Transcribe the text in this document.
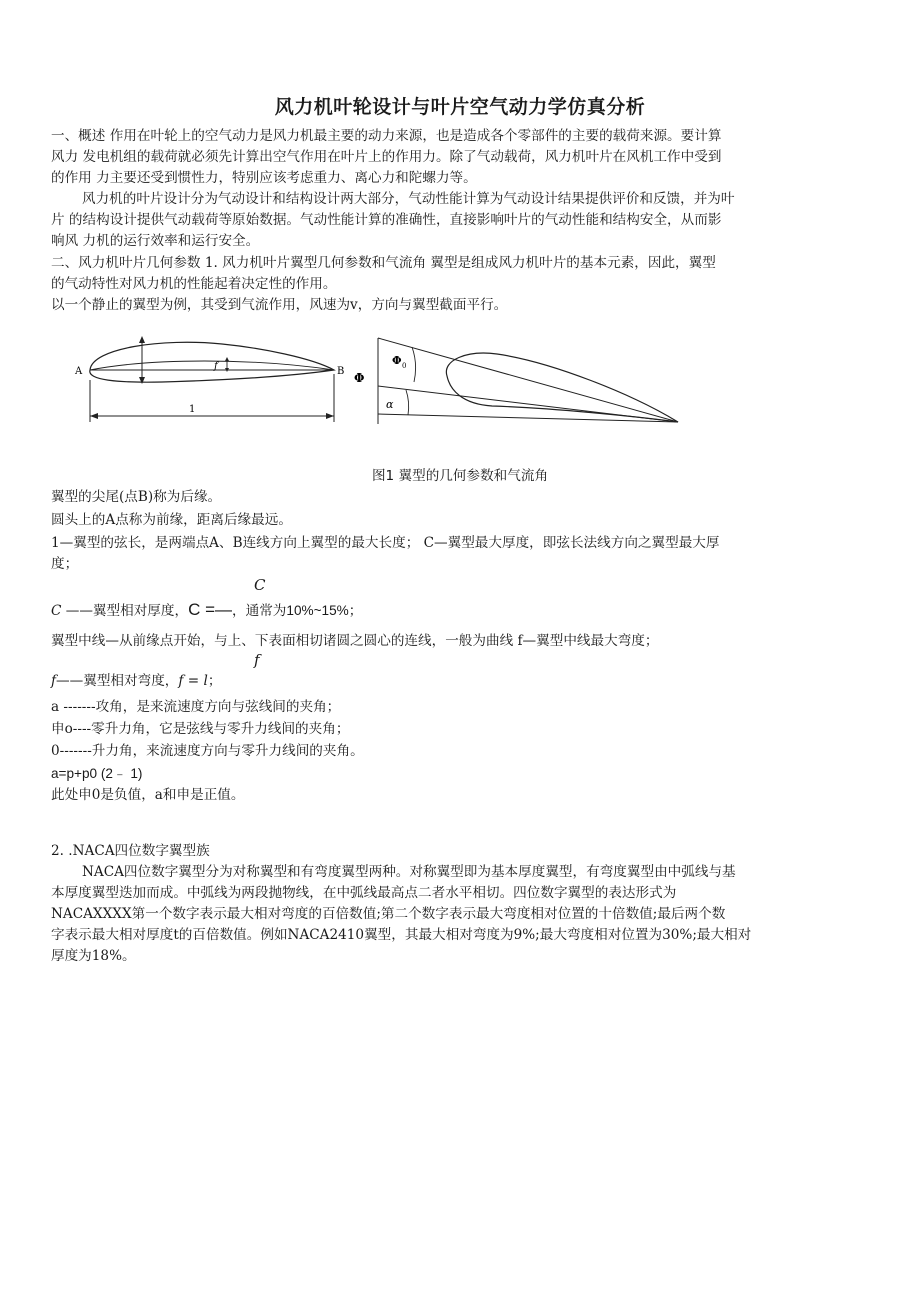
风力机叶轮设计与叶片空气动力学仿真分析
一、概述 作用在叶轮上的空气动力是风力机最主要的动力来源，也是造成各个零部件的主要的载荷来源。要计算
风力 发电机组的载荷就必须先计算出空气作用在叶片上的作用力。除了气动载荷，风力机叶片在风机工作中受到
的作用 力主要还受到惯性力，特别应该考虑重力、离心力和陀螺力等。
风力机的叶片设计分为气动设计和结构设计两大部分，气动性能计算为气动设计结果提供评价和反馈，并为叶
片 的结构设计提供气动载荷等原始数据。气动性能计算的准确性，直接影响叶片的气动性能和结构安全，从而影
响风 力机的运行效率和运行安全。
二、风力机叶片几何参数 1. 风力机叶片翼型几何参数和气流角 翼型是组成风力机叶片的基本元素，因此，翼型
的气动特性对风力机的性能起着决定性的作用。
以一个静止的翼型为例，其受到气流作用，风速为v，方向与翼型截面平行。
A	B
f
1
Φ
Φ 0
α
图1 翼型的几何参数和气流角
翼型的尖尾(点B)称为后缘。
圆头上的A点称为前缘，距离后缘最远。
1—翼型的弦长，是两端点A、B连线方向上翼型的最大长度； C—翼型最大厚度，即弦长法线方向之翼型最大厚
度；
C
C ——翼型相对厚度，C =—，通常为10%~15%；
翼型中线—从前缘点开始，与上、下表面相切诸圆之圆心的连线，一般为曲线 f—翼型中线最大弯度；
f
f——翼型相对弯度，f = l；
a -------攻角，是来流速度方向与弦线间的夹角；
申o----零升力角，它是弦线与零升力线间的夹角；
0-------升力角，来流速度方向与零升力线间的夹角。
a=p+p0 (2﹣ 1)
此处申0是负值，a和申是正值。
2. .NACA四位数字翼型族
NACA四位数字翼型分为对称翼型和有弯度翼型两种。对称翼型即为基本厚度翼型，有弯度翼型由中弧线与基
本厚度翼型迭加而成。中弧线为两段抛物线，在中弧线最高点二者水平相切。四位数字翼型的表达形式为
NACAXXXX第一个数字表示最大相对弯度的百倍数值;第二个数字表示最大弯度相对位置的十倍数值;最后两个数
字表示最大相对厚度t的百倍数值。例如NACA2410翼型，其最大相对弯度为9%;最大弯度相对位置为30%;最大相对
厚度为18%。
